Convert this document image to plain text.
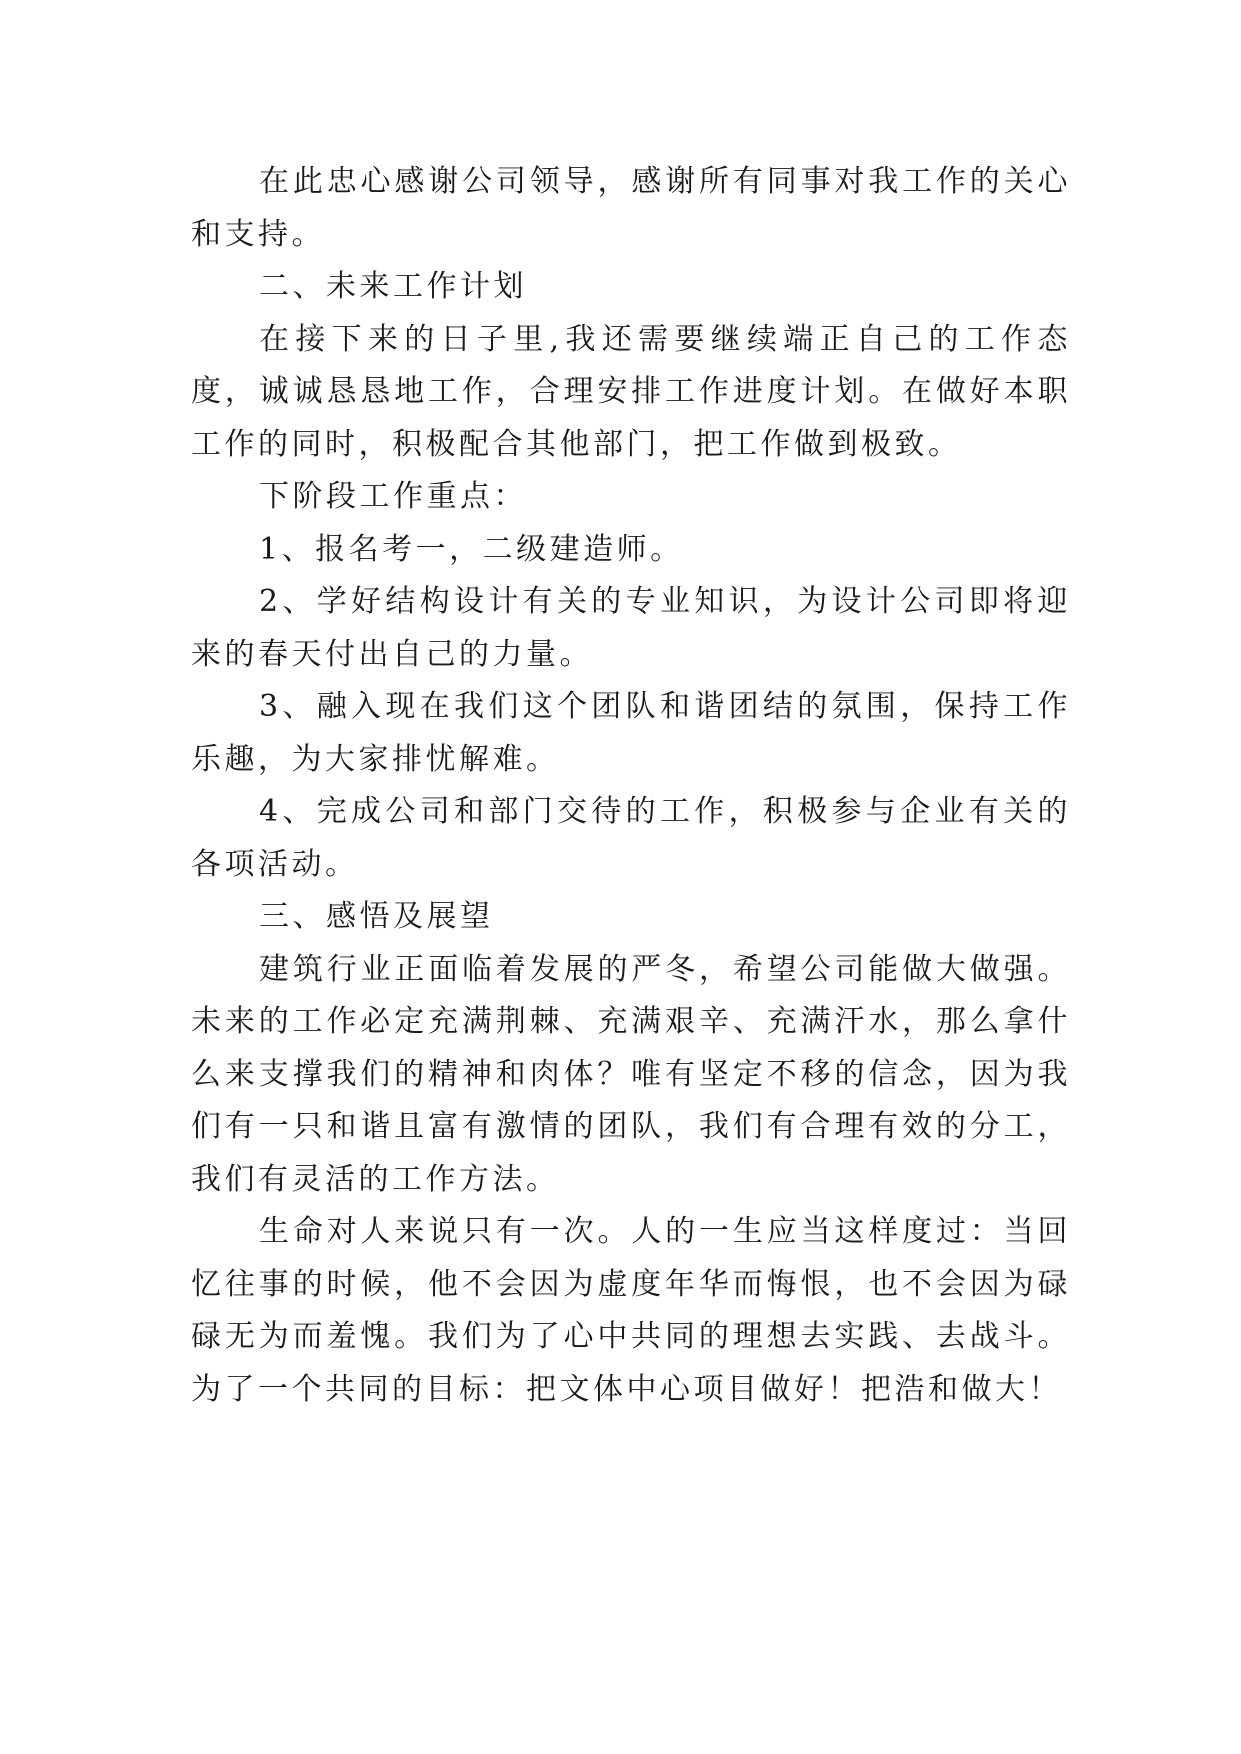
在此忠心感谢公司领导，感谢所有同事对我工作的关心和支持。

二、未来工作计划

在接下来的日子里,我还需要继续端正自己的工作态度，诚诚恳恳地工作，合理安排工作进度计划。在做好本职工作的同时，积极配合其他部门，把工作做到极致。

下阶段工作重点：

1、报名考一，二级建造师。

2、学好结构设计有关的专业知识，为设计公司即将迎来的春天付出自己的力量。

3、融入现在我们这个团队和谐团结的氛围，保持工作乐趣，为大家排忧解难。

4、完成公司和部门交待的工作，积极参与企业有关的各项活动。

三、感悟及展望

建筑行业正面临着发展的严冬，希望公司能做大做强。未来的工作必定充满荆棘、充满艰辛、充满汗水，那么拿什么来支撑我们的精神和肉体？唯有坚定不移的信念，因为我们有一只和谐且富有激情的团队，我们有合理有效的分工，我们有灵活的工作方法。

生命对人来说只有一次。人的一生应当这样度过：当回忆往事的时候，他不会因为虚度年华而悔恨，也不会因为碌碌无为而羞愧。我们为了心中共同的理想去实践、去战斗。为了一个共同的目标：把文体中心项目做好！把浩和做大！
